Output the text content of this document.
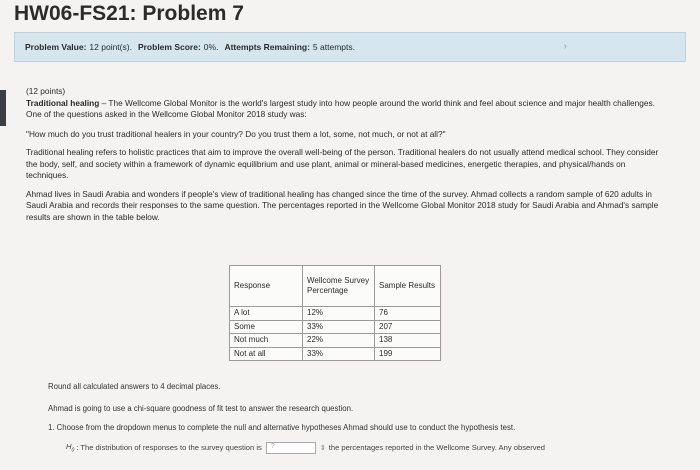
HW06-FS21: Problem 7
Problem Value: 12 point(s). Problem Score: 0%. Attempts Remaining: 5 attempts.	›

(12 points)
Traditional healing – The Wellcome Global Monitor is the world's largest study into how people around the world think and feel about science and major health challenges. One of the questions asked in the Wellcome Global Monitor 2018 study was:

"How much do you trust traditional healers in your country? Do you trust them a lot, some, not much, or not at all?"

Traditional healing refers to holistic practices that aim to improve the overall well-being of the person. Traditional healers do not usually attend medical school. They consider the body, self, and society within a framework of dynamic equilibrium and use plant, animal or mineral-based medicines, energetic therapies, and physical/hands on techniques.

Ahmad lives in Saudi Arabia and wonders if people's view of traditional healing has changed since the time of the survey. Ahmad collects a random sample of 620 adults in Saudi Arabia and records their responses to the same question. The percentages reported in the Wellcome Global Monitor 2018 study for Saudi Arabia and Ahmad's sample results are shown in the table below.

Response	Wellcome Survey Percentage	Sample Results
A lot	12%	76
Some	33%	207
Not much	22%	138
Not at all	33%	199
Round all calculated answers to 4 decimal places.
Ahmad is going to use a chi-square goodness of fit test to answer the research question.
1. Choose from the dropdown menus to complete the null and alternative hypotheses Ahmad should use to conduct the hypothesis test.
$H_0$ : The distribution of responses to the survey question is ?	⇕ the percentages reported in the Wellcome Survey. Any observed
